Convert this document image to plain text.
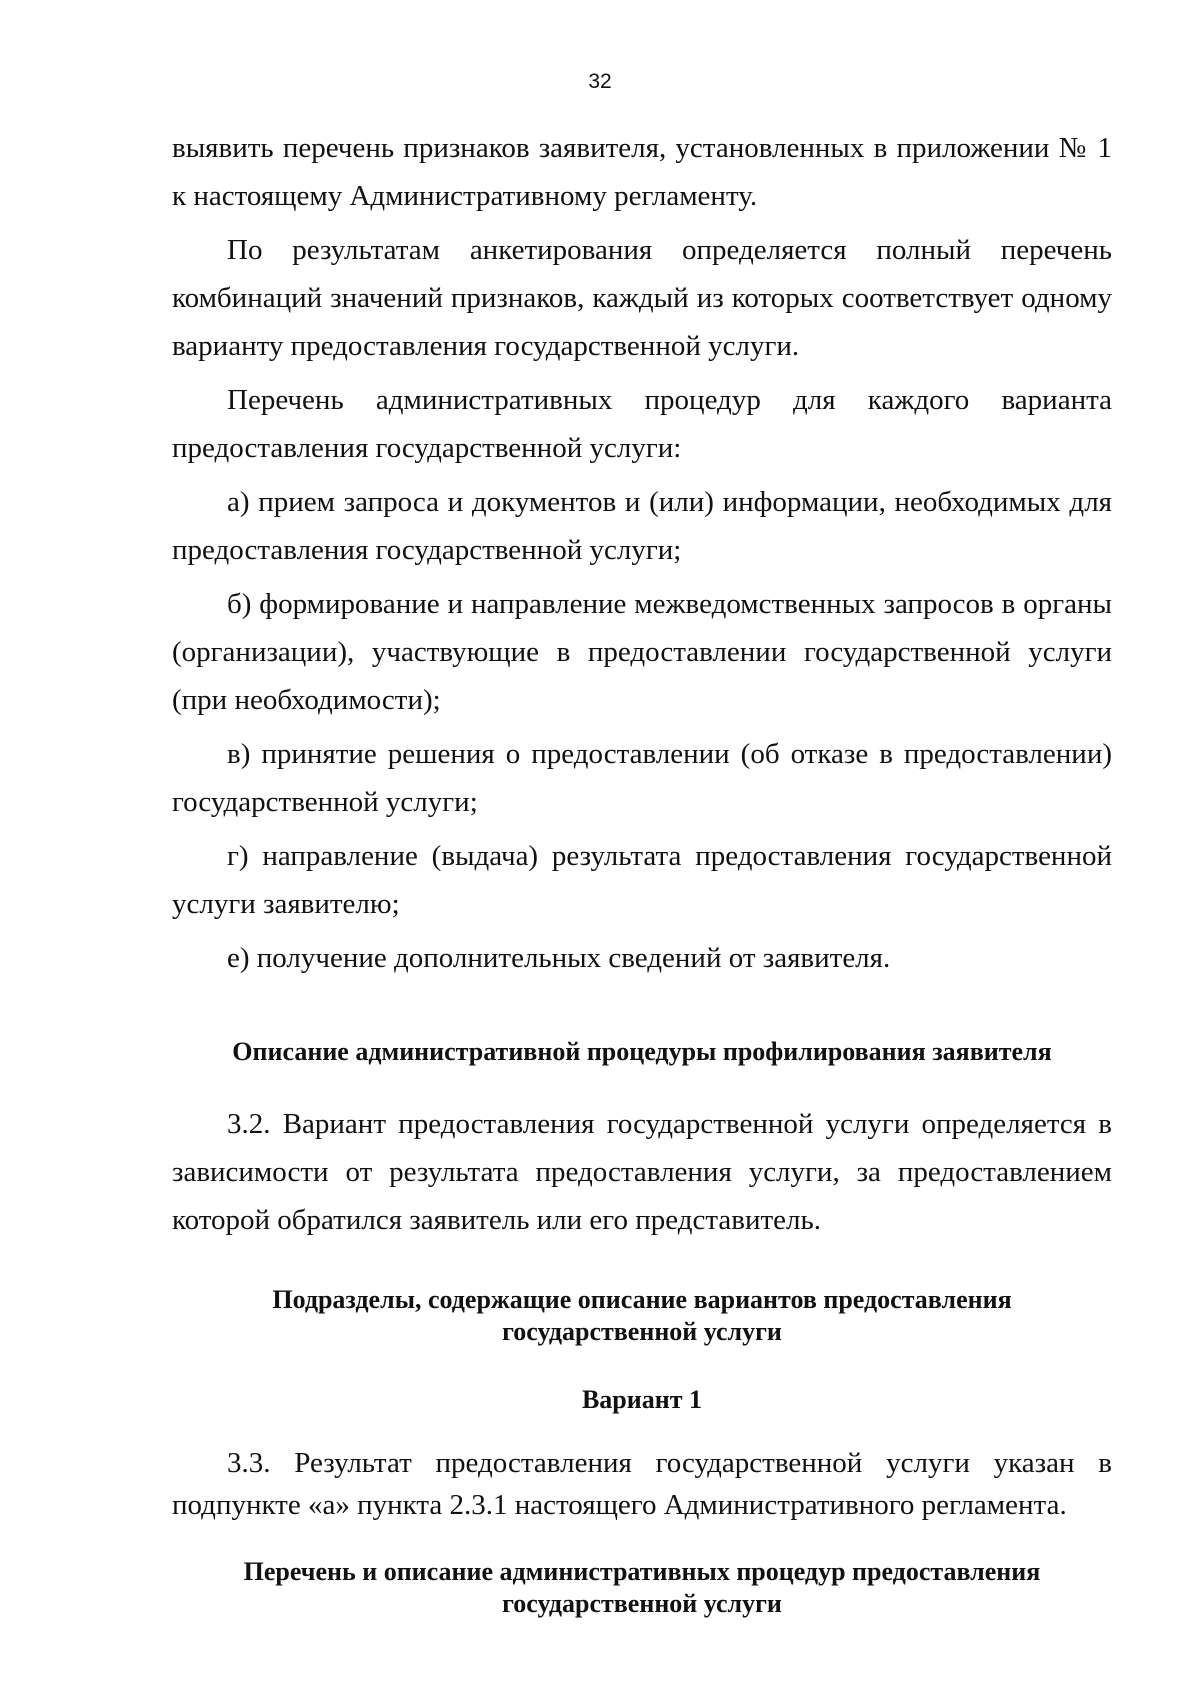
32

выявить перечень признаков заявителя, установленных в приложении № 1 к настоящему Административному регламенту.

По результатам анкетирования определяется полный перечень комбинаций значений признаков, каждый из которых соответствует одному варианту предоставления государственной услуги.

Перечень административных процедур для каждого варианта предоставления государственной услуги:

а) прием запроса и документов и (или) информации, необходимых для предоставления государственной услуги;

б) формирование и направление межведомственных запросов в органы (организации), участвующие в предоставлении государственной услуги (при необходимости);

в) принятие решения о предоставлении (об отказе в предоставлении) государственной услуги;

г) направление (выдача) результата предоставления государственной услуги заявителю;

е) получение дополнительных сведений от заявителя.

Описание административной процедуры профилирования заявителя

3.2. Вариант предоставления государственной услуги определяется в зависимости от результата предоставления услуги, за предоставлением которой обратился заявитель или его представитель.

Подразделы, содержащие описание вариантов предоставления
государственной услуги
Вариант 1

3.3. Результат предоставления государственной услуги указан в подпункте «а» пункта 2.3.1 настоящего Административного регламента.

Перечень и описание административных процедур предоставления
государственной услуги
